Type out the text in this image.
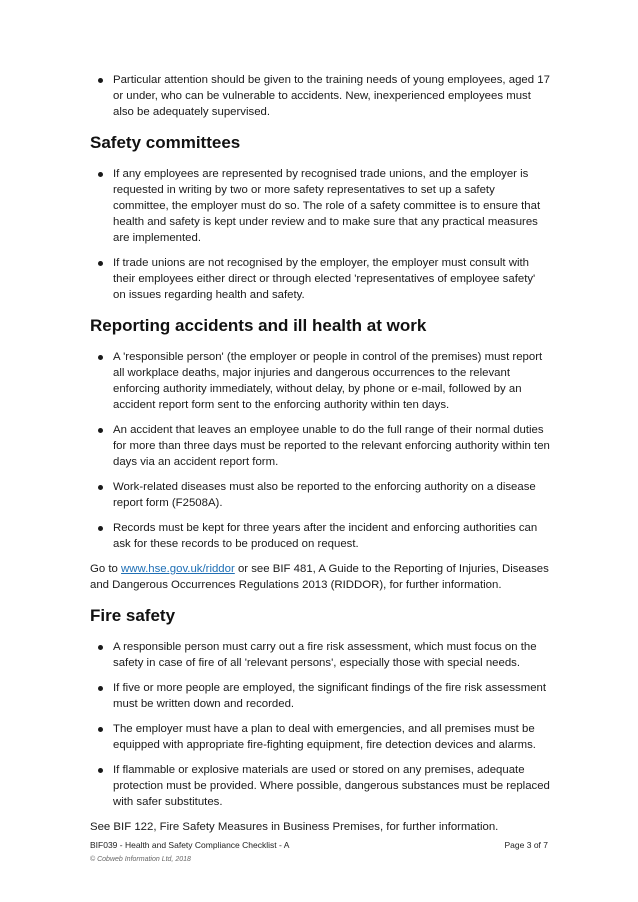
Particular attention should be given to the training needs of young employees, aged 17 or under, who can be vulnerable to accidents. New, inexperienced employees must also be adequately supervised.
Safety committees
If any employees are represented by recognised trade unions, and the employer is requested in writing by two or more safety representatives to set up a safety committee, the employer must do so. The role of a safety committee is to ensure that health and safety is kept under review and to make sure that any practical measures are implemented.
If trade unions are not recognised by the employer, the employer must consult with their employees either direct or through elected 'representatives of employee safety' on issues regarding health and safety.
Reporting accidents and ill health at work
A 'responsible person' (the employer or people in control of the premises) must report all workplace deaths, major injuries and dangerous occurrences to the relevant enforcing authority immediately, without delay, by phone or e-mail, followed by an accident report form sent to the enforcing authority within ten days.
An accident that leaves an employee unable to do the full range of their normal duties for more than three days must be reported to the relevant enforcing authority within ten days via an accident report form.
Work-related diseases must also be reported to the enforcing authority on a disease report form (F2508A).
Records must be kept for three years after the incident and enforcing authorities can ask for these records to be produced on request.

Go to www.hse.gov.uk/riddor or see BIF 481, A Guide to the Reporting of Injuries, Diseases and Dangerous Occurrences Regulations 2013 (RIDDOR), for further information.

Fire safety
A responsible person must carry out a fire risk assessment, which must focus on the safety in case of fire of all 'relevant persons', especially those with special needs.
If five or more people are employed, the significant findings of the fire risk assessment must be written down and recorded.
The employer must have a plan to deal with emergencies, and all premises must be equipped with appropriate fire-fighting equipment, fire detection devices and alarms.
If flammable or explosive materials are used or stored on any premises, adequate protection must be provided. Where possible, dangerous substances must be replaced with safer substitutes.

See BIF 122, Fire Safety Measures in Business Premises, for further information.

BIF039 - Health and Safety Compliance Checklist - A	Page 3 of 7
© Cobweb Information Ltd, 2018
